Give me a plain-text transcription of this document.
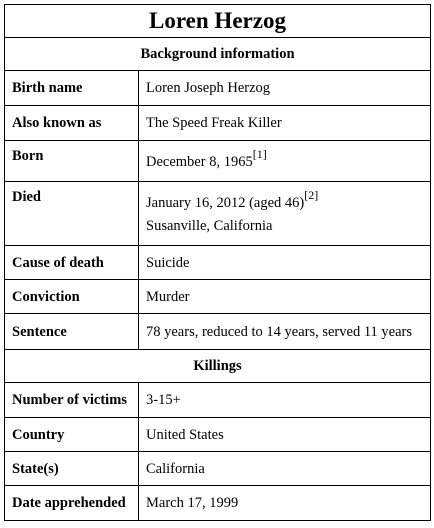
Loren Herzog	
Background information	
Birth name	Loren Joseph Herzog
Also known as	The Speed Freak Killer
Born	December 8, 1965[1]
Died	January 16, 2012 (aged 46)[2]
Susanville, California

Cause of death	Suicide
Conviction	Murder
Sentence	78 years, reduced to 14 years, served 11 years
Killings	
Number of victims	3-15+
Country	United States
State(s)	California
Date apprehended	March 17, 1999
